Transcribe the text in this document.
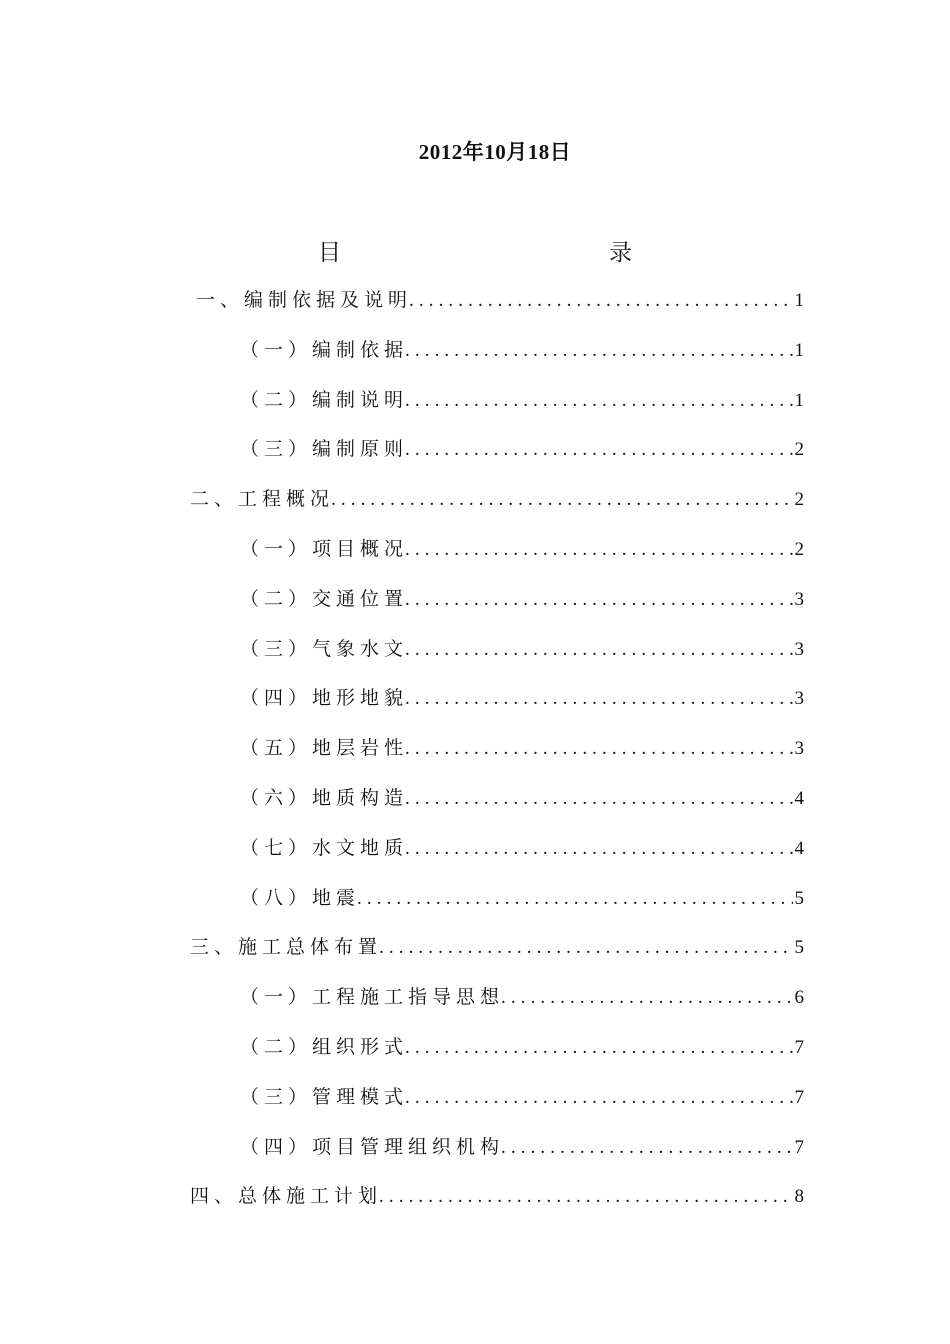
2012年10月18日
目	录
一、编制依据及说明 .....	1
（一）编制依据 .....	1
（二）编制说明 .....	1
（三）编制原则 .....	2
二、工程概况 .....	2
（一）项目概况 .....	2
（二）交通位置 .....	3
（三）气象水文 .....	3
（四）地形地貌 .....	3
（五）地层岩性 .....	3
（六）地质构造 .....	4
（七）水文地质 .....	4
（八）地震 .....	5
三、施工总体布置 .....	5
（一）工程施工指导思想 .....	6
（二）组织形式 .....	7
（三）管理模式 .....	7
（四）项目管理组织机构 .....	7
四、总体施工计划 .....	8
